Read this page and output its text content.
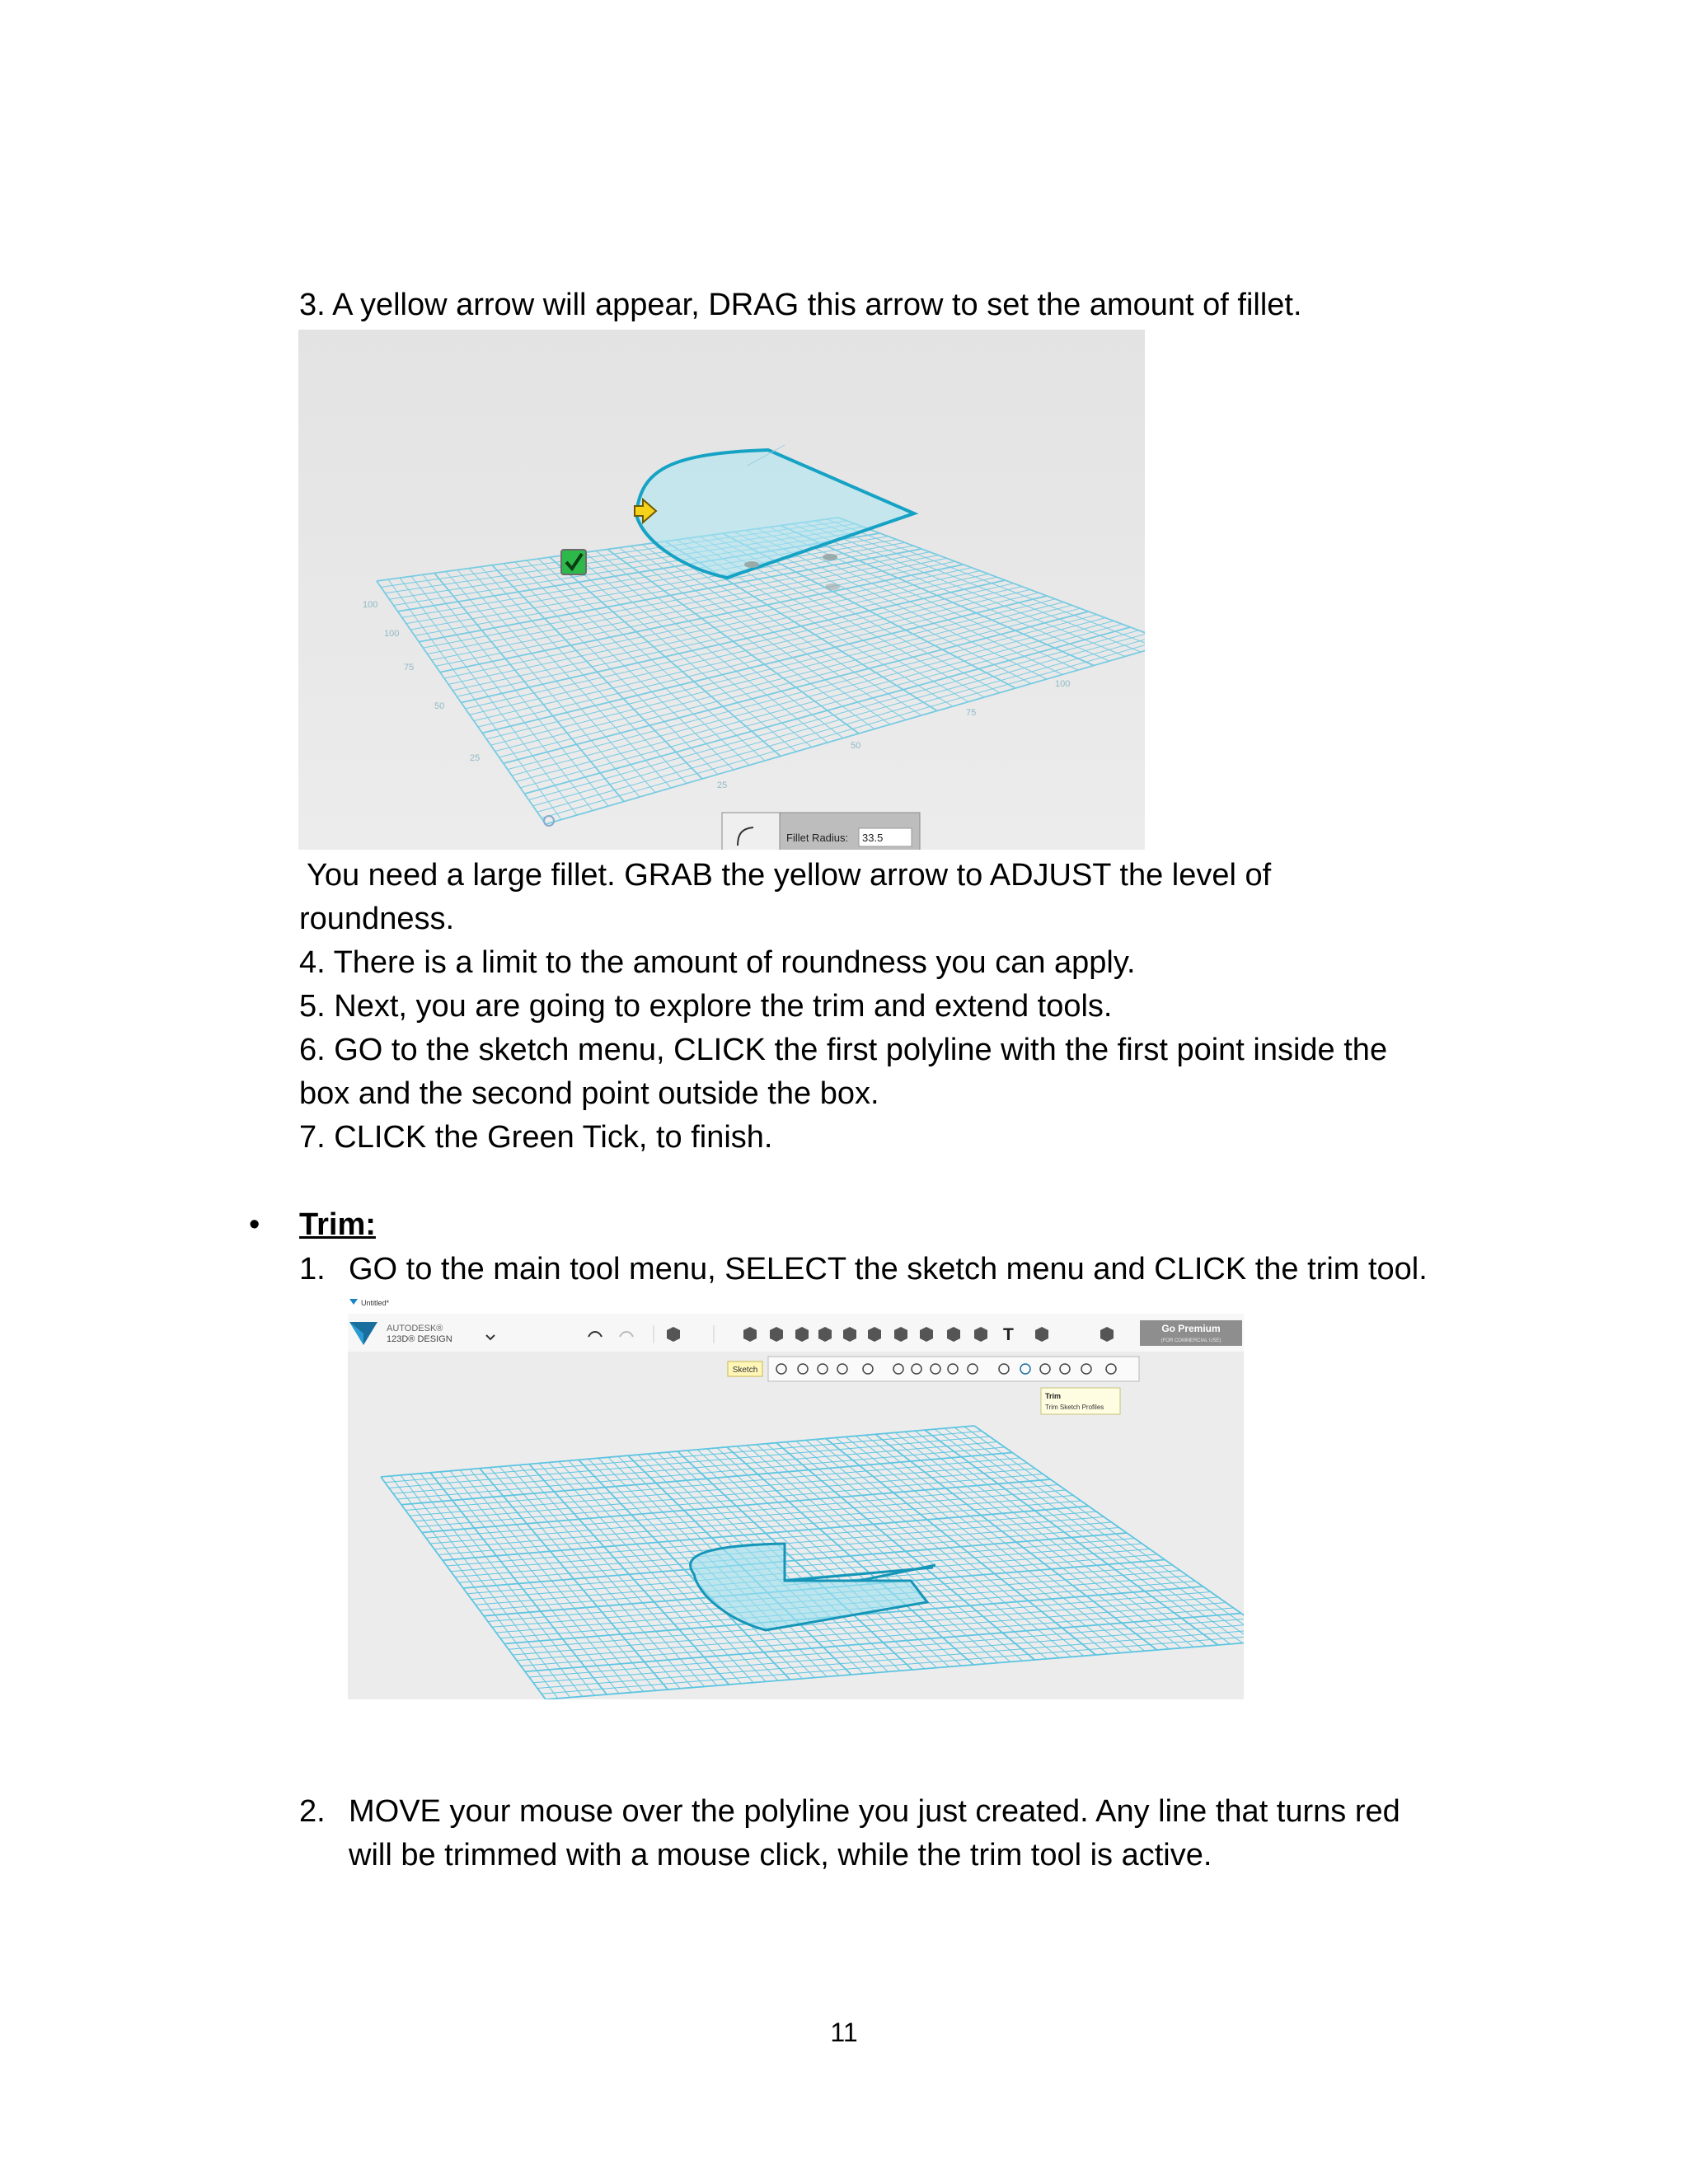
3. A yellow arrow will appear, DRAG this arrow to set the amount of fillet.
100
100
75
50
25
25
50
75
100
Fillet Radius: 33.5
You need a large fillet. GRAB the yellow arrow to ADJUST the level of
roundness.
4. There is a limit to the amount of roundness you can apply.
5. Next, you are going to explore the trim and extend tools.
6. GO to the sketch menu, CLICK the first polyline with the first point inside the
box and the second point outside the box.
7. CLICK the Green Tick, to finish.
• Trim:
1. GO to the main tool menu, SELECT the sketch menu and CLICK the trim tool.
Untitled*
AUTODESK®
123D® DESIGN	T	Go Premium
(FOR COMMERCIAL USE)
Sketch
Trim
Trim Sketch Profiles
2. MOVE your mouse over the polyline you just created. Any line that turns red
will be trimmed with a mouse click, while the trim tool is active.
11
